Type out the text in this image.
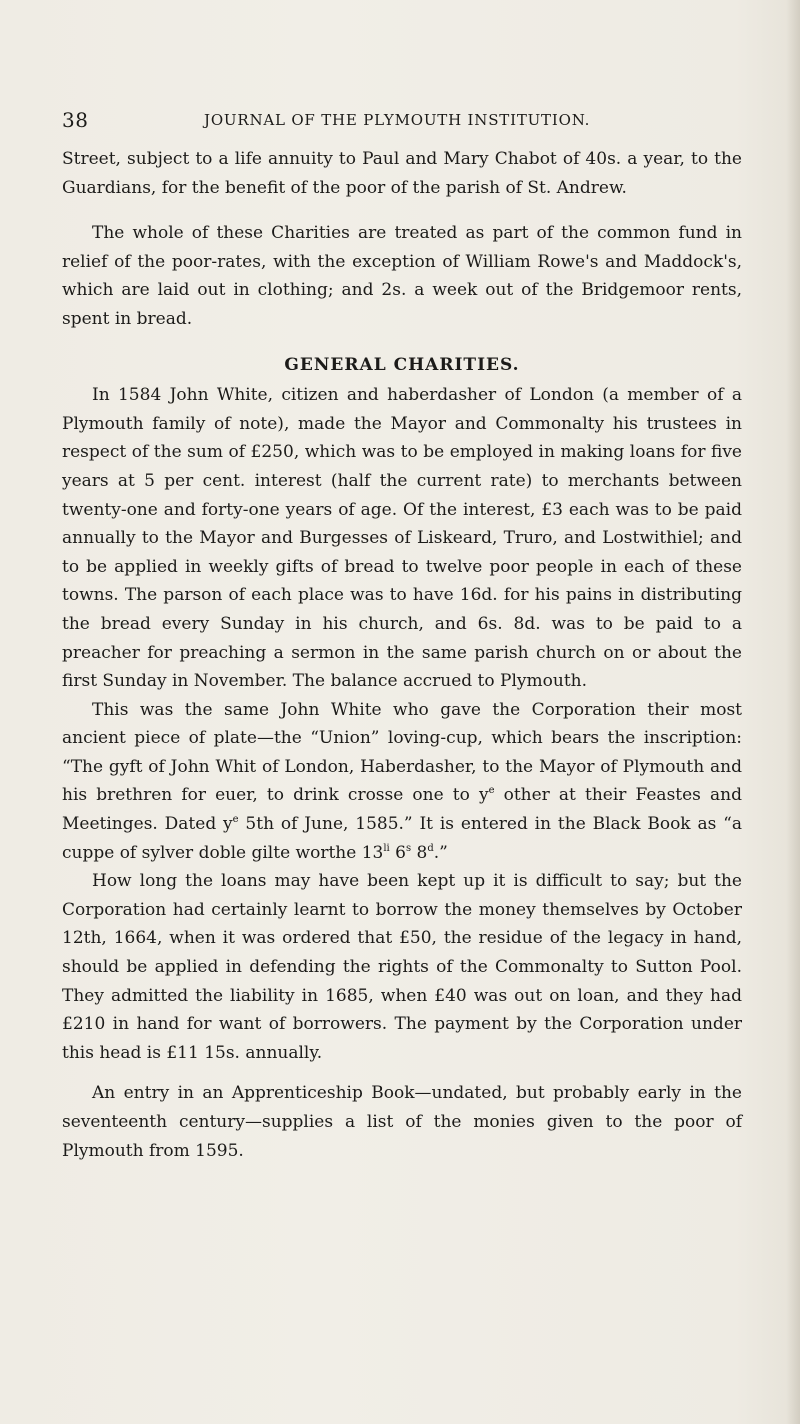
38	JOURNAL OF THE PLYMOUTH INSTITUTION.

Street, subject to a life annuity to Paul and Mary Chabot of 40s. a year, to the Guardians, for the benefit of the poor of the parish of St. Andrew.

The whole of these Charities are treated as part of the common fund in relief of the poor-rates, with the exception of William Rowe's and Maddock's, which are laid out in clothing; and 2s. a week out of the Bridgemoor rents, spent in bread.

GENERAL CHARITIES.

In 1584 John White, citizen and haberdasher of London (a member of a Plymouth family of note), made the Mayor and Commonalty his trustees in respect of the sum of £250, which was to be employed in making loans for five years at 5 per cent. interest (half the current rate) to merchants between twenty-one and forty-one years of age. Of the interest, £3 each was to be paid annually to the Mayor and Burgesses of Liskeard, Truro, and Lostwithiel; and to be applied in weekly gifts of bread to twelve poor people in each of these towns. The parson of each place was to have 16d. for his pains in distributing the bread every Sunday in his church, and 6s. 8d. was to be paid to a preacher for preaching a sermon in the same parish church on or about the first Sunday in November. The balance accrued to Plymouth.

This was the same John White who gave the Corporation their most ancient piece of plate—the “Union” loving-cup, which bears the inscription: “The gyft of John Whit of London, Haberdasher, to the Mayor of Plymouth and his brethren for euer, to drink crosse one to $y^e$ other at their Feastes and Meetinges. Dated $y^e$ 5th of June, 1585.” It is entered in the Black Book as “a cuppe of sylver doble gilte worthe $13^{li}$ 6$^s$ 8$^d$.”

How long the loans may have been kept up it is difficult to say; but the Corporation had certainly learnt to borrow the money themselves by October 12th, 1664, when it was ordered that £50, the residue of the legacy in hand, should be applied in defending the rights of the Commonalty to Sutton Pool. They admitted the liability in 1685, when £40 was out on loan, and they had £210 in hand for want of borrowers. The payment by the Corporation under this head is £11 15s. annually.

An entry in an Apprenticeship Book—undated, but probably early in the seventeenth century—supplies a list of the monies given to the poor of Plymouth from 1595.
